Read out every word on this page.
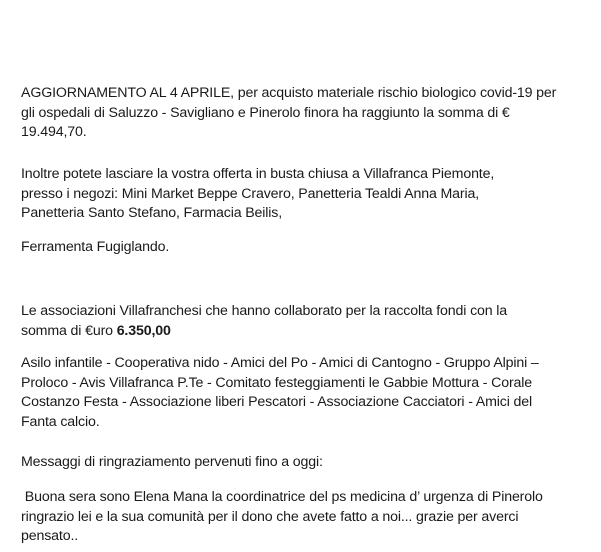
AGGIORNAMENTO AL 4 APRILE, per acquisto materiale rischio biologico covid-19 per
gli ospedali di Saluzzo - Savigliano e Pinerolo finora ha raggiunto la somma di €
19.494,70.

Inoltre potete lasciare la vostra offerta in busta chiusa a Villafranca Piemonte,
presso i negozi: Mini Market Beppe Cravero, Panetteria Tealdi Anna Maria,
Panetteria Santo Stefano, Farmacia Beilis,

Ferramenta Fugiglando.

Le associazioni Villafranchesi che hanno collaborato per la raccolta fondi con la
somma di €uro 6.350,00

Asilo infantile - Cooperativa nido - Amici del Po - Amici di Cantogno - Gruppo Alpini –
Proloco - Avis Villafranca P.Te - Comitato festeggiamenti le Gabbie Mottura - Corale
Costanzo Festa - Associazione liberi Pescatori - Associazione Cacciatori - Amici del
Fanta calcio.

Messaggi di ringraziamento pervenuti fino a oggi:

Buona sera sono Elena Mana la coordinatrice del ps medicina d’ urgenza di Pinerolo
ringrazio lei e la sua comunità per il dono che avete fatto a noi... grazie per averci
pensato..
